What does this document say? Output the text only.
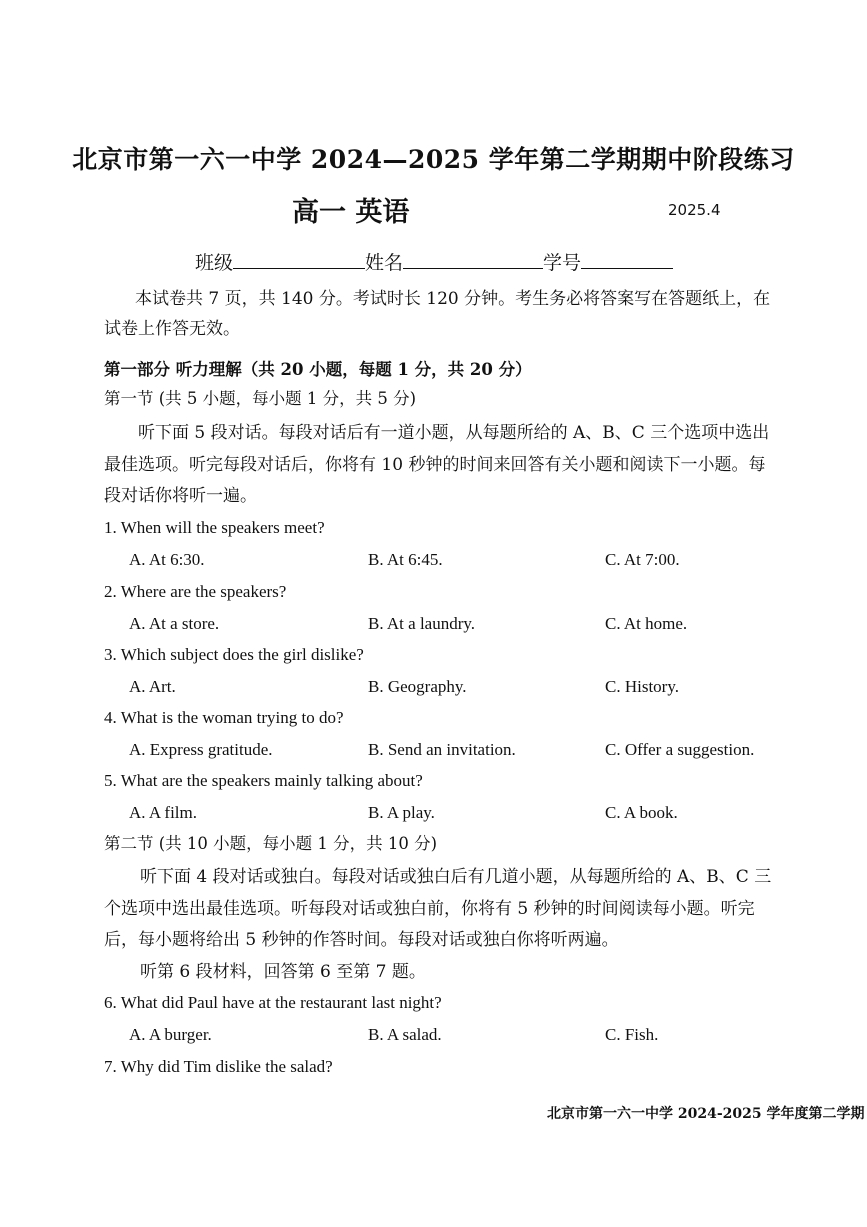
北京市第一六一中学 2024—2025 学年第二学期期中阶段练习
高一 英语	2025.4
班级	姓名	学号
本试卷共 7 页，共 140 分。考试时长 120 分钟。考生务必将答案写在答题纸上，在
试卷上作答无效。
第一部分 听力理解（共 20 小题，每题 1 分，共 20 分）
第一节 (共 5 小题，每小题 1 分，共 5 分)
听下面 5 段对话。每段对话后有一道小题，从每题所给的 A、B、C 三个选项中选出
最佳选项。听完每段对话后，你将有 10 秒钟的时间来回答有关小题和阅读下一小题。每
段对话你将听一遍。
1. When will the speakers meet?
A. At 6:30.	B. At 6:45.	C. At 7:00.
2. Where are the speakers?
A. At a store.	B. At a laundry.	C. At home.
3. Which subject does the girl dislike?
A. Art.	B. Geography.	C. History.
4. What is the woman trying to do?
A. Express gratitude.	B. Send an invitation.	C. Offer a suggestion.
5. What are the speakers mainly talking about?
A. A film.	B. A play.	C. A book.
第二节 (共 10 小题，每小题 1 分，共 10 分)
听下面 4 段对话或独白。每段对话或独白后有几道小题，从每题所给的 A、B、C 三
个选项中选出最佳选项。听每段对话或独白前，你将有 5 秒钟的时间阅读每小题。听完
后，每小题将给出 5 秒钟的作答时间。每段对话或独白你将听两遍。
听第 6 段材料，回答第 6 至第 7 题。
6. What did Paul have at the restaurant last night?
A. A burger.	B. A salad.	C. Fish.
7. Why did Tim dislike the salad?
北京市第一六一中学 2024-2025 学年度第二学期
